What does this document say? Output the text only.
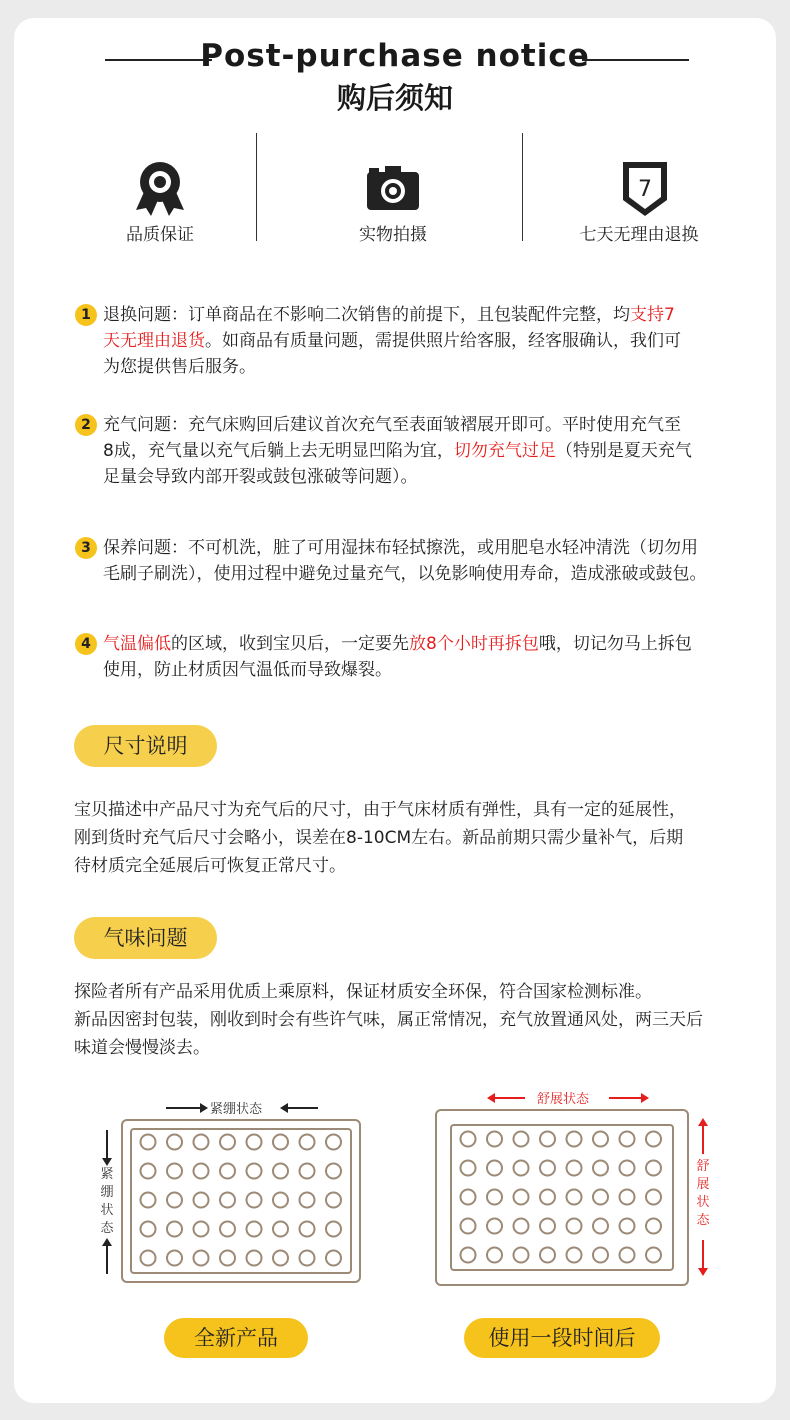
Post-purchase notice
购后须知
品质保证	实物拍摄
7
七天无理由退换
1 退换问题：订单商品在不影响二次销售的前提下，且包装配件完整，均支持7
天无理由退货。如商品有质量问题，需提供照片给客服，经客服确认，我们可
为您提供售后服务。
2 充气问题：充气床购回后建议首次充气至表面皱褶展开即可。平时使用充气至
8成，充气量以充气后躺上去无明显凹陷为宜，切勿充气过足（特别是夏天充气
足量会导致内部开裂或鼓包涨破等问题）。
3 保养问题：不可机洗，脏了可用湿抹布轻拭擦洗，或用肥皂水轻冲清洗（切勿用
毛刷子刷洗），使用过程中避免过量充气，以免影响使用寿命，造成涨破或鼓包。
4 气温偏低的区域，收到宝贝后，一定要先放8个小时再拆包哦，切记勿马上拆包
使用，防止材质因气温低而导致爆裂。
尺寸说明
宝贝描述中产品尺寸为充气后的尺寸，由于气床材质有弹性，具有一定的延展性，
刚到货时充气后尺寸会略小，误差在8-10CM左右。新品前期只需少量补气，后期
待材质完全延展后可恢复正常尺寸。
气味问题
探险者所有产品采用优质上乘原料，保证材质安全环保，符合国家检测标准。
新品因密封包装，刚收到时会有些许气味，属正常情况，充气放置通风处，两三天后
味道会慢慢淡去。
紧绷状态
紧
绷
状
态
全新产品
舒展状态
舒
展
状
态
使用一段时间后
